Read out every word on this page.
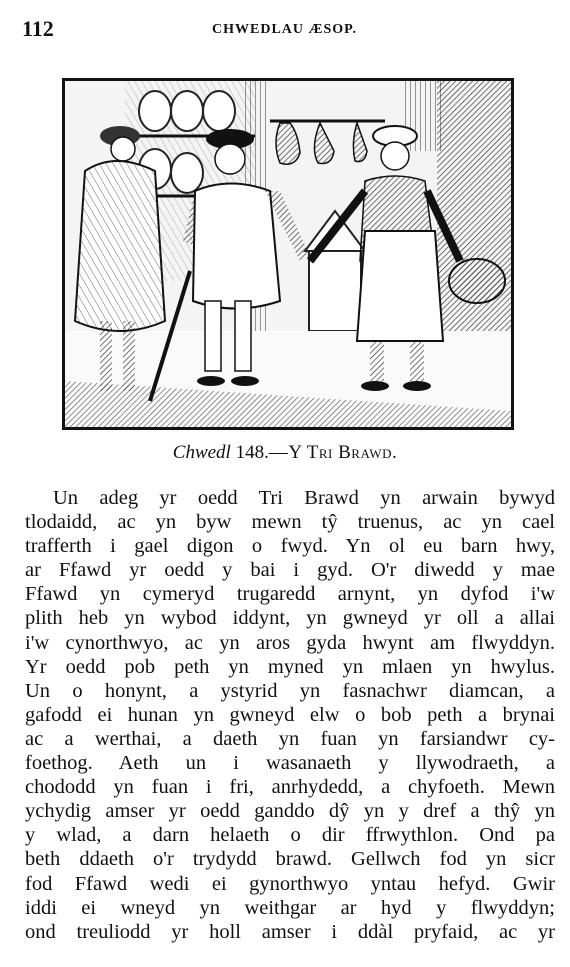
112	CHWEDLAU ÆSOP.
Chwedl 148.—Y Tri Brawd.
Un adeg yr oedd Tri Brawd yn arwain bywyd
tlodaidd, ac yn byw mewn tŷ truenus, ac yn cael
trafferth i gael digon o fwyd. Yn ol eu barn hwy,
ar Ffawd yr oedd y bai i gyd. O'r diwedd y mae
Ffawd yn cymeryd trugaredd arnynt, yn dyfod i'w
plith heb yn wybod iddynt, yn gwneyd yr oll a allai
i'w cynorthwyo, ac yn aros gyda hwynt am flwyddyn.
Yr oedd pob peth yn myned yn mlaen yn hwylus.
Un o honynt, a ystyrid yn fasnachwr diamcan, a
gafodd ei hunan yn gwneyd elw o bob peth a brynai
ac a werthai, a daeth yn fuan yn farsiandwr cy-
foethog. Aeth un i wasanaeth y llywodraeth, a
chododd yn fuan i fri, anrhydedd, a chyfoeth. Mewn
ychydig amser yr oedd ganddo dŷ yn y dref a thŷ yn
y wlad, a darn helaeth o dir ffrwythlon. Ond pa
beth ddaeth o'r trydydd brawd. Gellwch fod yn sicr
fod Ffawd wedi ei gynorthwyo yntau hefyd. Gwir
iddi ei wneyd yn weithgar ar hyd y flwyddyn;
ond treuliodd yr holl amser i ddàl pryfaid, ac yr
